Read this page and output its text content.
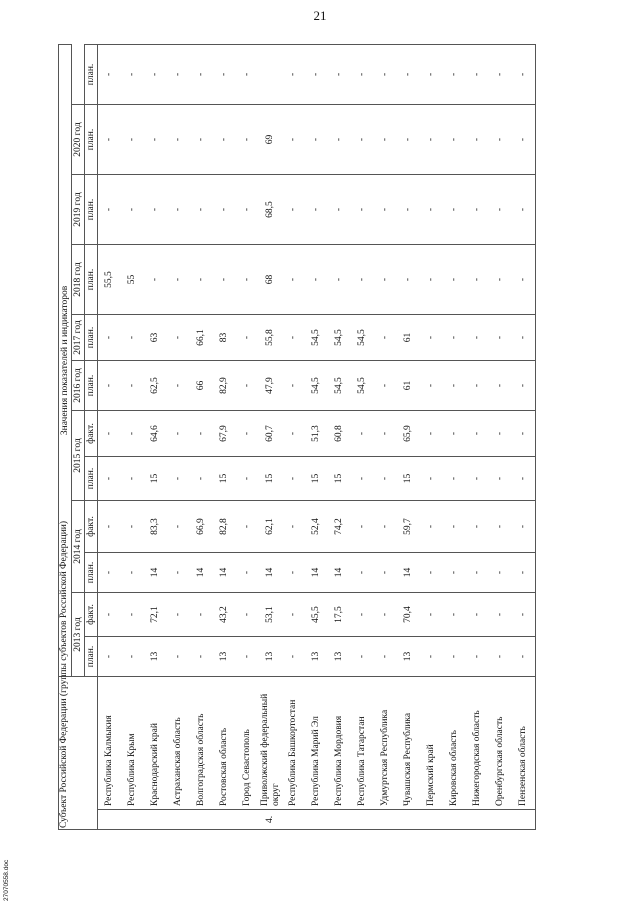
21
Субъект Российской Федерации (группы субъектов Российской Федерации)		Значения показателей и индикаторов											
		2013 год		2014 год		2015 год		2016 год	2017 год	2018 год	2019 год	2020 год	
		план.	факт.	план.	факт.	план.	факт.	план.	план.	план.	план.	план.	план.
	Республика Калмыкия	-	-	-	-	-	-	-	-	55,5	-	-	-
	Республика Крым	-	-	-	-	-	-	-	-	55	-	-	-
	Краснодарский край	13	72,1	14	83,3	15	64,6	62,5	63	-	-	-	-
	Астраханская область	-	-	-	-	-	-	-	-	-	-	-	-
	Волгоградская область	-	-	14	66,9	-	-	66	66,1	-	-	-	-
	Ростовская область	13	43,2	14	82,8	15	67,9	82,9	83	-	-	-	-
	Город Севастополь	-	-	-	-	-	-	-	-	-	-	-	-
4.	Приволжский федеральный округ	13	53,1	14	62,1	15	60,7	47,9	55,8	68	68,5	69	
	Республика Башкортостан	-	-	-	-	-	-	-	-	-	-	-	-
	Республика Марий Эл	13	45,5	14	52,4	15	51,3	54,5	54,5	-	-	-	-
	Республика Мордовия	13	17,5	14	74,2	15	60,8	54,5	54,5	-	-	-	-
	Республика Татарстан	-	-	-	-	-	-	54,5	54,5	-	-	-	-
	Удмуртская Республика	-	-	-	-	-	-	-	-	-	-	-	-
	Чувашская Республика	13	70,4	14	59,7	15	65,9	61	61	-	-	-	-
	Пермский край	-	-	-	-	-	-	-	-	-	-	-	-
	Кировская область	-	-	-	-	-	-	-	-	-	-	-	-
	Нижегородская область	-	-	-	-	-	-	-	-	-	-	-	-
	Оренбургская область	-	-	-	-	-	-	-	-	-	-	-	-
	Пензенская область	-	-	-	-	-	-	-	-	-	-	-	-
27070558.doc
